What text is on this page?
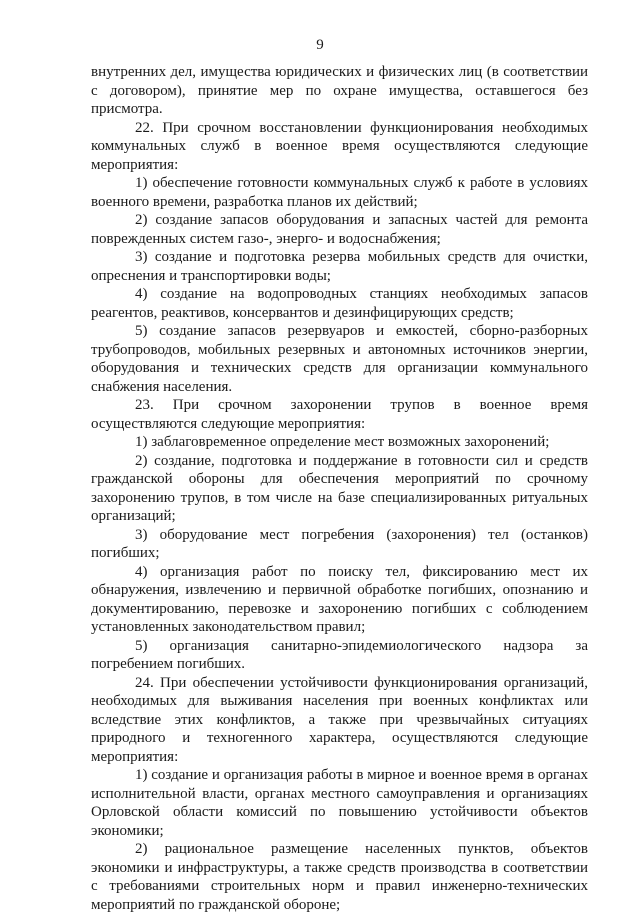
9

внутренних дел, имущества юридических и физических лиц (в соответствии с договором), принятие мер по охране имущества, оставшегося без присмотра.

22. При срочном восстановлении функционирования необходимых коммунальных служб в военное время осуществляются следующие мероприятия:

1) обеспечение готовности коммунальных служб к работе в условиях военного времени, разработка планов их действий;

2) создание запасов оборудования и запасных частей для ремонта поврежденных систем газо-, энерго- и водоснабжения;

3) создание и подготовка резерва мобильных средств для очистки, опреснения и транспортировки воды;

4) создание на водопроводных станциях необходимых запасов реагентов, реактивов, консервантов и дезинфицирующих средств;

5) создание запасов резервуаров и емкостей, сборно-разборных трубопроводов, мобильных резервных и автономных источников энергии, оборудования и технических средств для организации коммунального снабжения населения.

23. При срочном захоронении трупов в военное время осуществляются следующие мероприятия:

1) заблаговременное определение мест возможных захоронений;

2) создание, подготовка и поддержание в готовности сил и средств гражданской обороны для обеспечения мероприятий по срочному захоронению трупов, в том числе на базе специализированных ритуальных организаций;

3) оборудование мест погребения (захоронения) тел (останков) погибших;

4) организация работ по поиску тел, фиксированию мест их обнаружения, извлечению и первичной обработке погибших, опознанию и документированию, перевозке и захоронению погибших с соблюдением установленных законодательством правил;

5) организация санитарно-эпидемиологического надзора за погребением погибших.

24. При обеспечении устойчивости функционирования организаций, необходимых для выживания населения при военных конфликтах или вследствие этих конфликтов, а также при чрезвычайных ситуациях природного и техногенного характера, осуществляются следующие мероприятия:

1) создание и организация работы в мирное и военное время в органах исполнительной власти, органах местного самоуправления и организациях Орловской области комиссий по повышению устойчивости объектов экономики;

2) рациональное размещение населенных пунктов, объектов экономики и инфраструктуры, а также средств производства в соответствии с требованиями строительных норм и правил инженерно-технических мероприятий по гражданской обороне;
